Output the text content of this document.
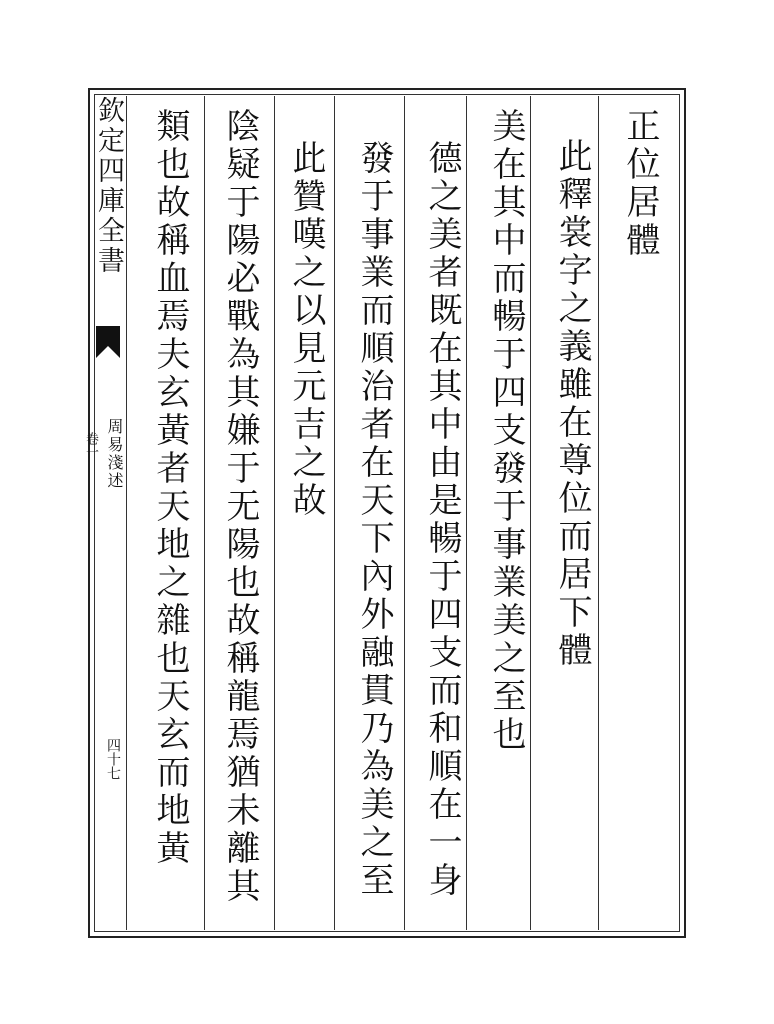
欽定四庫全書
周易淺述
卷一
四十七
正位居體
此釋裳字之義雖在尊位而居下體
美在其中而暢于四支發于事業美之至也
德之美者既在其中由是暢于四支而和順在一身
發于事業而順治者在天下內外融貫乃為美之至
此贊嘆之以見元吉之故
陰疑于陽必戰為其嫌于无陽也故稱龍焉猶未離其
類也故稱血焉夫玄黃者天地之雜也天玄而地黃
